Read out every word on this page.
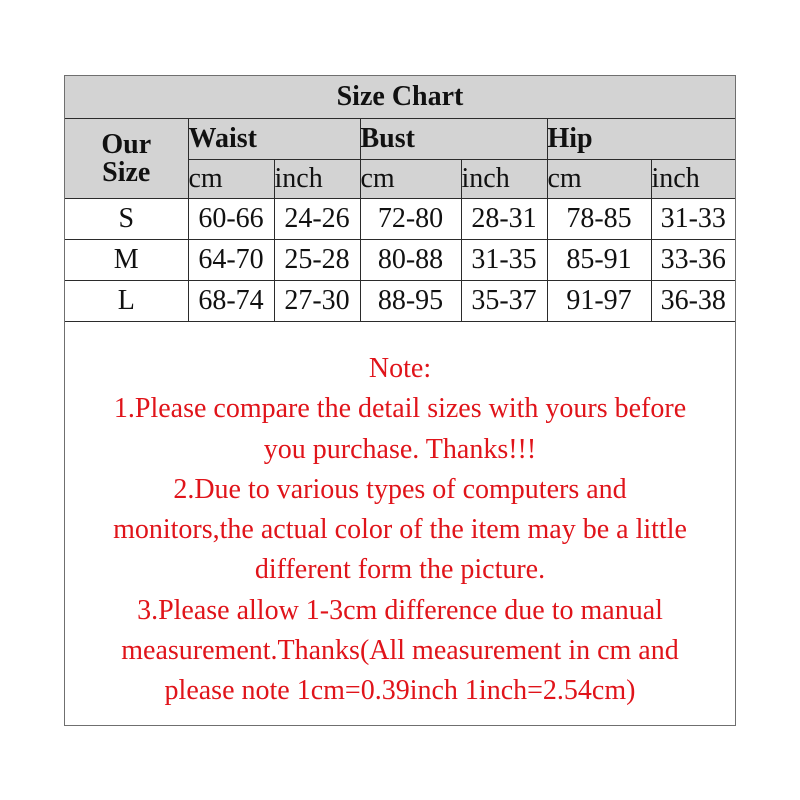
Size Chart						
Our
Size	Waist		Bust		Hip	
	cm	inch	cm	inch	cm	inch
S	60-66	24-26	72-80	28-31	78-85	31-33
M	64-70	25-28	80-88	31-35	85-91	33-36
L	68-74	27-30	88-95	35-37	91-97	36-38
Note:
1.Please compare the detail sizes with yours before
you purchase. Thanks!!!
2.Due to various types of computers and
monitors,the actual color of the item may be a little
different form the picture.
3.Please allow 1-3cm difference due to manual
measurement.Thanks(All measurement in cm and
please note 1cm=0.39inch 1inch=2.54cm)
